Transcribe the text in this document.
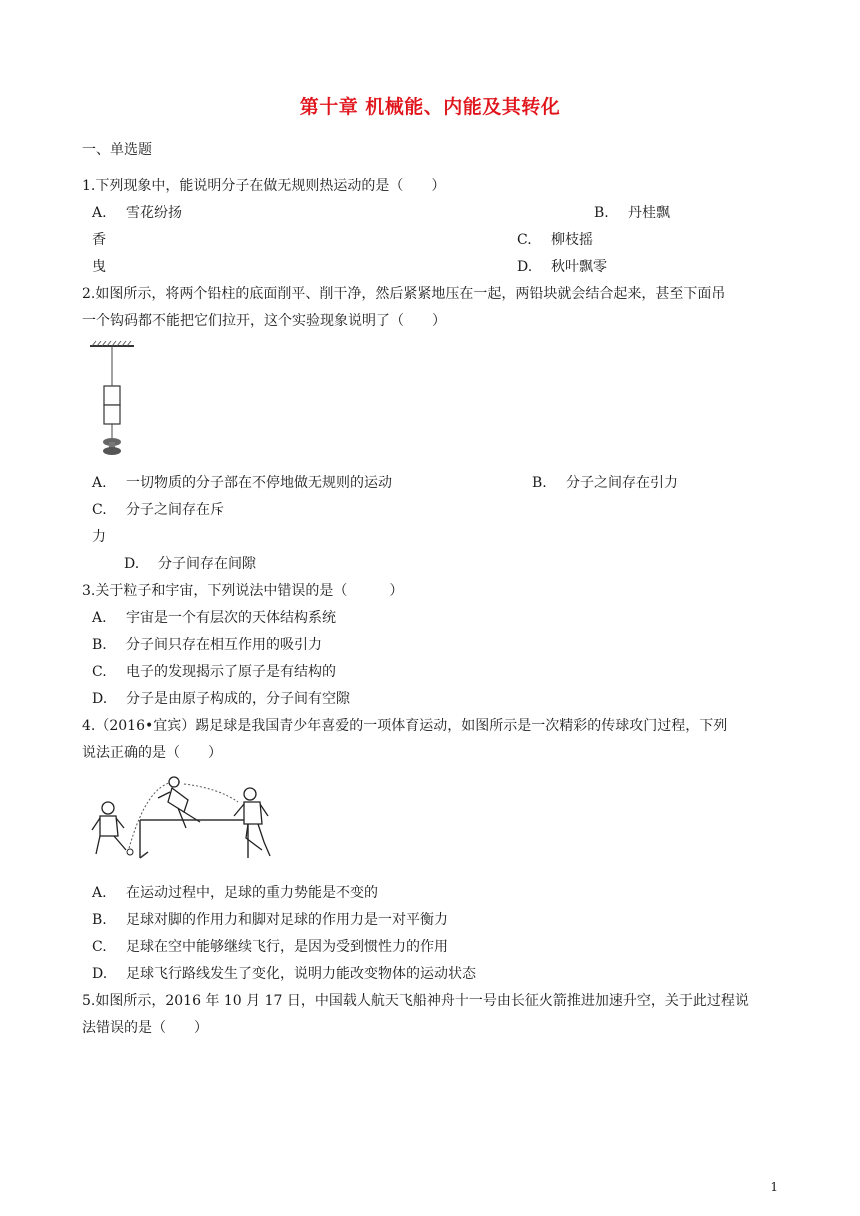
第十章 机械能、内能及其转化
一、单选题
1.下列现象中，能说明分子在做无规则热运动的是（　　）
A. 雪花纷扬	B. 丹桂飘
香	C. 柳枝摇
曳	D. 秋叶飘零
2.如图所示，将两个铅柱的底面削平、削干净，然后紧紧地压在一起，两铅块就会结合起来，甚至下面吊
一个钩码都不能把它们拉开，这个实验现象说明了（　　）
A. 一切物质的分子部在不停地做无规则的运动	B. 分子之间存在引力
C. 分子之间存在斥
力
D. 分子间存在间隙
3.关于粒子和宇宙，下列说法中错误的是（　　　）
A. 宇宙是一个有层次的天体结构系统
B. 分子间只存在相互作用的吸引力
C. 电子的发现揭示了原子是有结构的
D. 分子是由原子构成的，分子间有空隙
4.（2016•宜宾）踢足球是我国青少年喜爱的一项体育运动，如图所示是一次精彩的传球攻门过程，下列
说法正确的是（　　）
A. 在运动过程中，足球的重力势能是不变的
B. 足球对脚的作用力和脚对足球的作用力是一对平衡力
C. 足球在空中能够继续飞行，是因为受到惯性力的作用
D. 足球飞行路线发生了变化，说明力能改变物体的运动状态
5.如图所示，2016 年 10 月 17 日，中国载人航天飞船神舟十一号由长征火箭推进加速升空，关于此过程说
法错误的是（　　）
1
